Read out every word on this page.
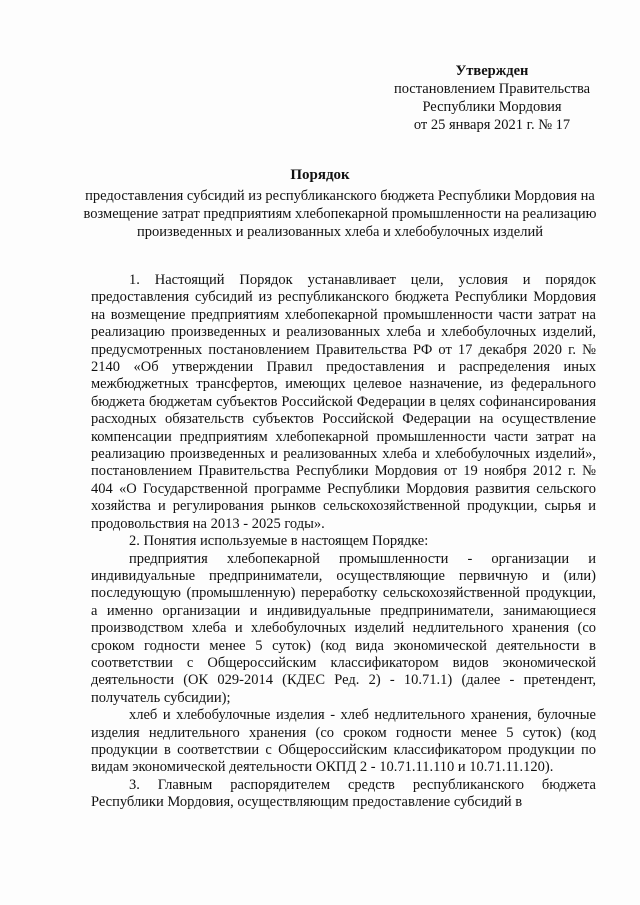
Утвержден
постановлением Правительства
Республики Мордовия
от 25 января 2021 г. № 17
Порядок
предоставления субсидий из республиканского бюджета Республики Мордовия на возмещение затрат предприятиям хлебопекарной промышленности на реализацию произведенных и реализованных хлеба и хлебобулочных изделий

1. Настоящий Порядок устанавливает цели, условия и порядок предоставления субсидий из республиканского бюджета Республики Мордовия на возмещение предприятиям хлебопекарной промышленности части затрат на реализацию произведенных и реализованных хлеба и хлебобулочных изделий, предусмотренных постановлением Правительства РФ от 17 декабря 2020 г. № 2140 «Об утверждении Правил предоставления и распределения иных межбюджетных трансфертов, имеющих целевое назначение, из федерального бюджета бюджетам субъектов Российской Федерации в целях софинансирования расходных обязательств субъектов Российской Федерации на осуществление компенсации предприятиям хлебопекарной промышленности части затрат на реализацию произведенных и реализованных хлеба и хлебобулочных изделий», постановлением Правительства Республики Мордовия от 19 ноября 2012 г. № 404 «О Государственной программе Республики Мордовия развития сельского хозяйства и регулирования рынков сельскохозяйственной продукции, сырья и продовольствия на 2013 - 2025 годы».

2. Понятия используемые в настоящем Порядке:

предприятия хлебопекарной промышленности - организации и индивидуальные предприниматели, осуществляющие первичную и (или) последующую (промышленную) переработку сельскохозяйственной продукции, а именно организации и индивидуальные предприниматели, занимающиеся производством хлеба и хлебобулочных изделий недлительного хранения (со сроком годности менее 5 суток) (код вида экономической деятельности в соответствии с Общероссийским классификатором видов экономической деятельности (ОК 029-2014 (КДЕС Ред. 2) - 10.71.1) (далее - претендент, получатель субсидии);

хлеб и хлебобулочные изделия - хлеб недлительного хранения, булочные изделия недлительного хранения (со сроком годности менее 5 суток) (код продукции в соответствии с Общероссийским классификатором продукции по видам экономической деятельности ОКПД 2 - 10.71.11.110 и 10.71.11.120).

3. Главным распорядителем средств республиканского бюджета Республики Мордовия, осуществляющим предоставление субсидий в
